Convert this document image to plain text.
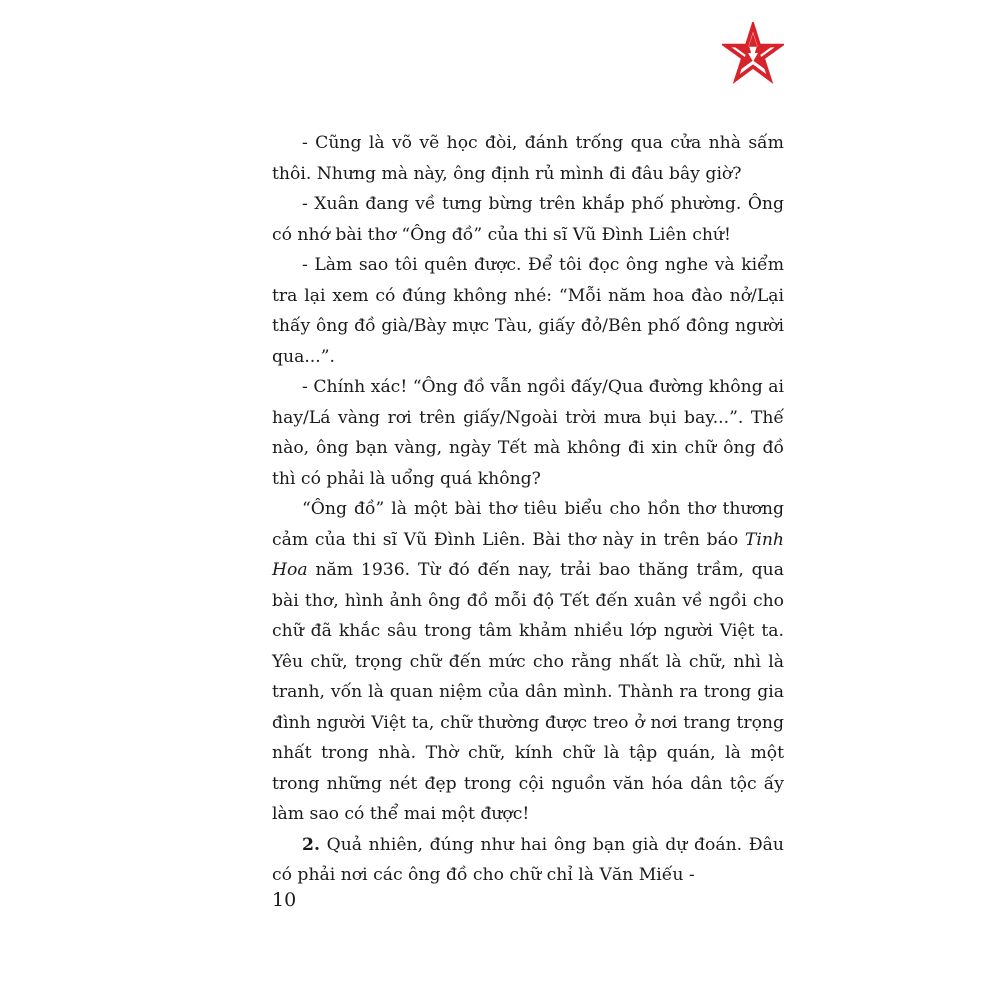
- Cũng là võ vẽ học đòi, đánh trống qua cửa nhà sấm thôi. Nhưng mà này, ông định rủ mình đi đâu bây giờ?

- Xuân đang về tưng bừng trên khắp phố phường. Ông có nhớ bài thơ “Ông đồ” của thi sĩ Vũ Đình Liên chứ!

- Làm sao tôi quên được. Để tôi đọc ông nghe và kiểm tra lại xem có đúng không nhé: “Mỗi năm hoa đào nở/Lại thấy ông đồ già/Bày mực Tàu, giấy đỏ/Bên phố đông người qua...”.

- Chính xác! “Ông đồ vẫn ngồi đấy/Qua đường không ai hay/Lá vàng rơi trên giấy/Ngoài trời mưa bụi bay...”. Thế nào, ông bạn vàng, ngày Tết mà không đi xin chữ ông đồ thì có phải là uổng quá không?

“Ông đồ” là một bài thơ tiêu biểu cho hồn thơ thương cảm của thi sĩ Vũ Đình Liên. Bài thơ này in trên báo Tinh Hoa năm 1936. Từ đó đến nay, trải bao thăng trầm, qua bài thơ, hình ảnh ông đồ mỗi độ Tết đến xuân về ngồi cho chữ đã khắc sâu trong tâm khảm nhiều lớp người Việt ta. Yêu chữ, trọng chữ đến mức cho rằng nhất là chữ, nhì là tranh, vốn là quan niệm của dân mình. Thành ra trong gia đình người Việt ta, chữ thường được treo ở nơi trang trọng nhất trong nhà. Thờ chữ, kính chữ là tập quán, là một trong những nét đẹp trong cội nguồn văn hóa dân tộc ấy làm sao có thể mai một được!

2. Quả nhiên, đúng như hai ông bạn già dự đoán. Đâu có phải nơi các ông đồ cho chữ chỉ là Văn Miếu -

10
